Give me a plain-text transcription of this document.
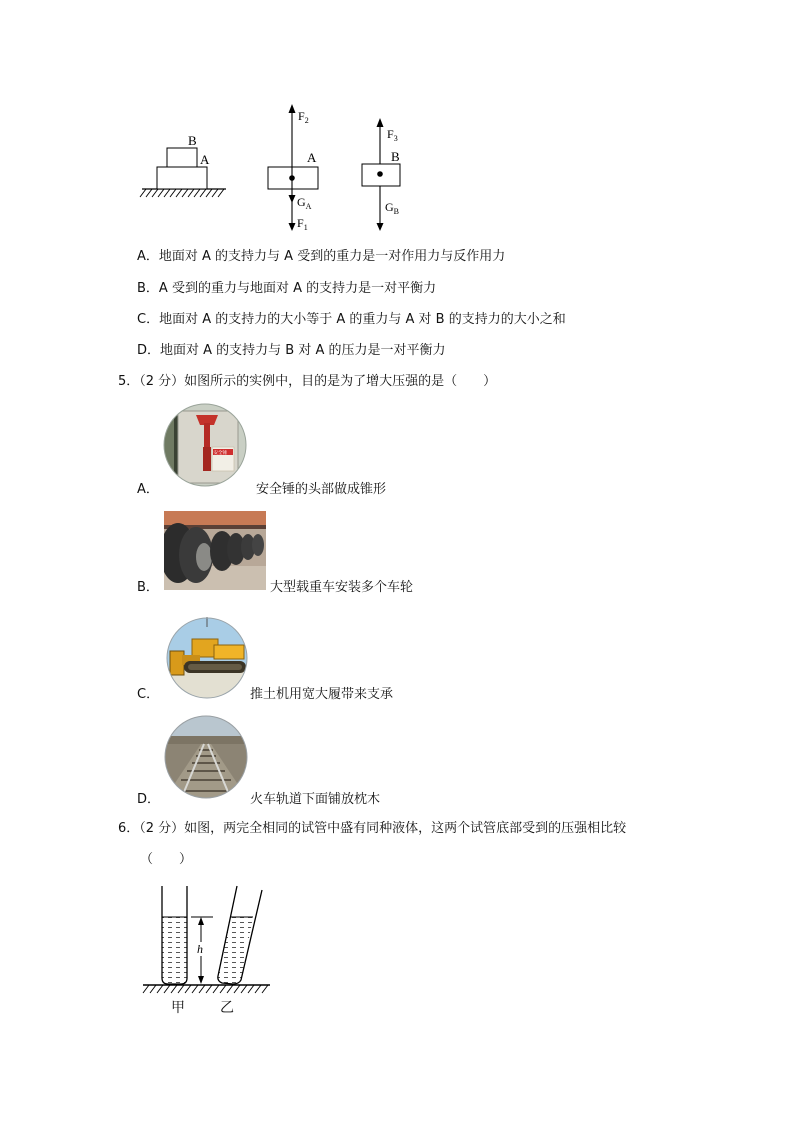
B
A
$F_2$
A
$G_A$
$F_1$
$F_3$
B
$G_B$
A．地面对 A 的支持力与 A 受到的重力是一对作用力与反作用力
B．A 受到的重力与地面对 A 的支持力是一对平衡力
C．地面对 A 的支持力的大小等于 A 的重力与 A 对 B 的支持力的大小之和
D．地面对 A 的支持力与 B 对 A 的压力是一对平衡力
5．（2 分）如图所示的实例中，目的是为了增大压强的是（　　）
安全锤
A．	安全锤的头部做成锥形
B．	大型载重车安装多个车轮
C．	推土机用宽大履带来支承
D．	火车轨道下面铺放枕木
6．（2 分）如图，两完全相同的试管中盛有同种液体，这两个试管底部受到的压强相比较
（　　）
h
甲	乙
